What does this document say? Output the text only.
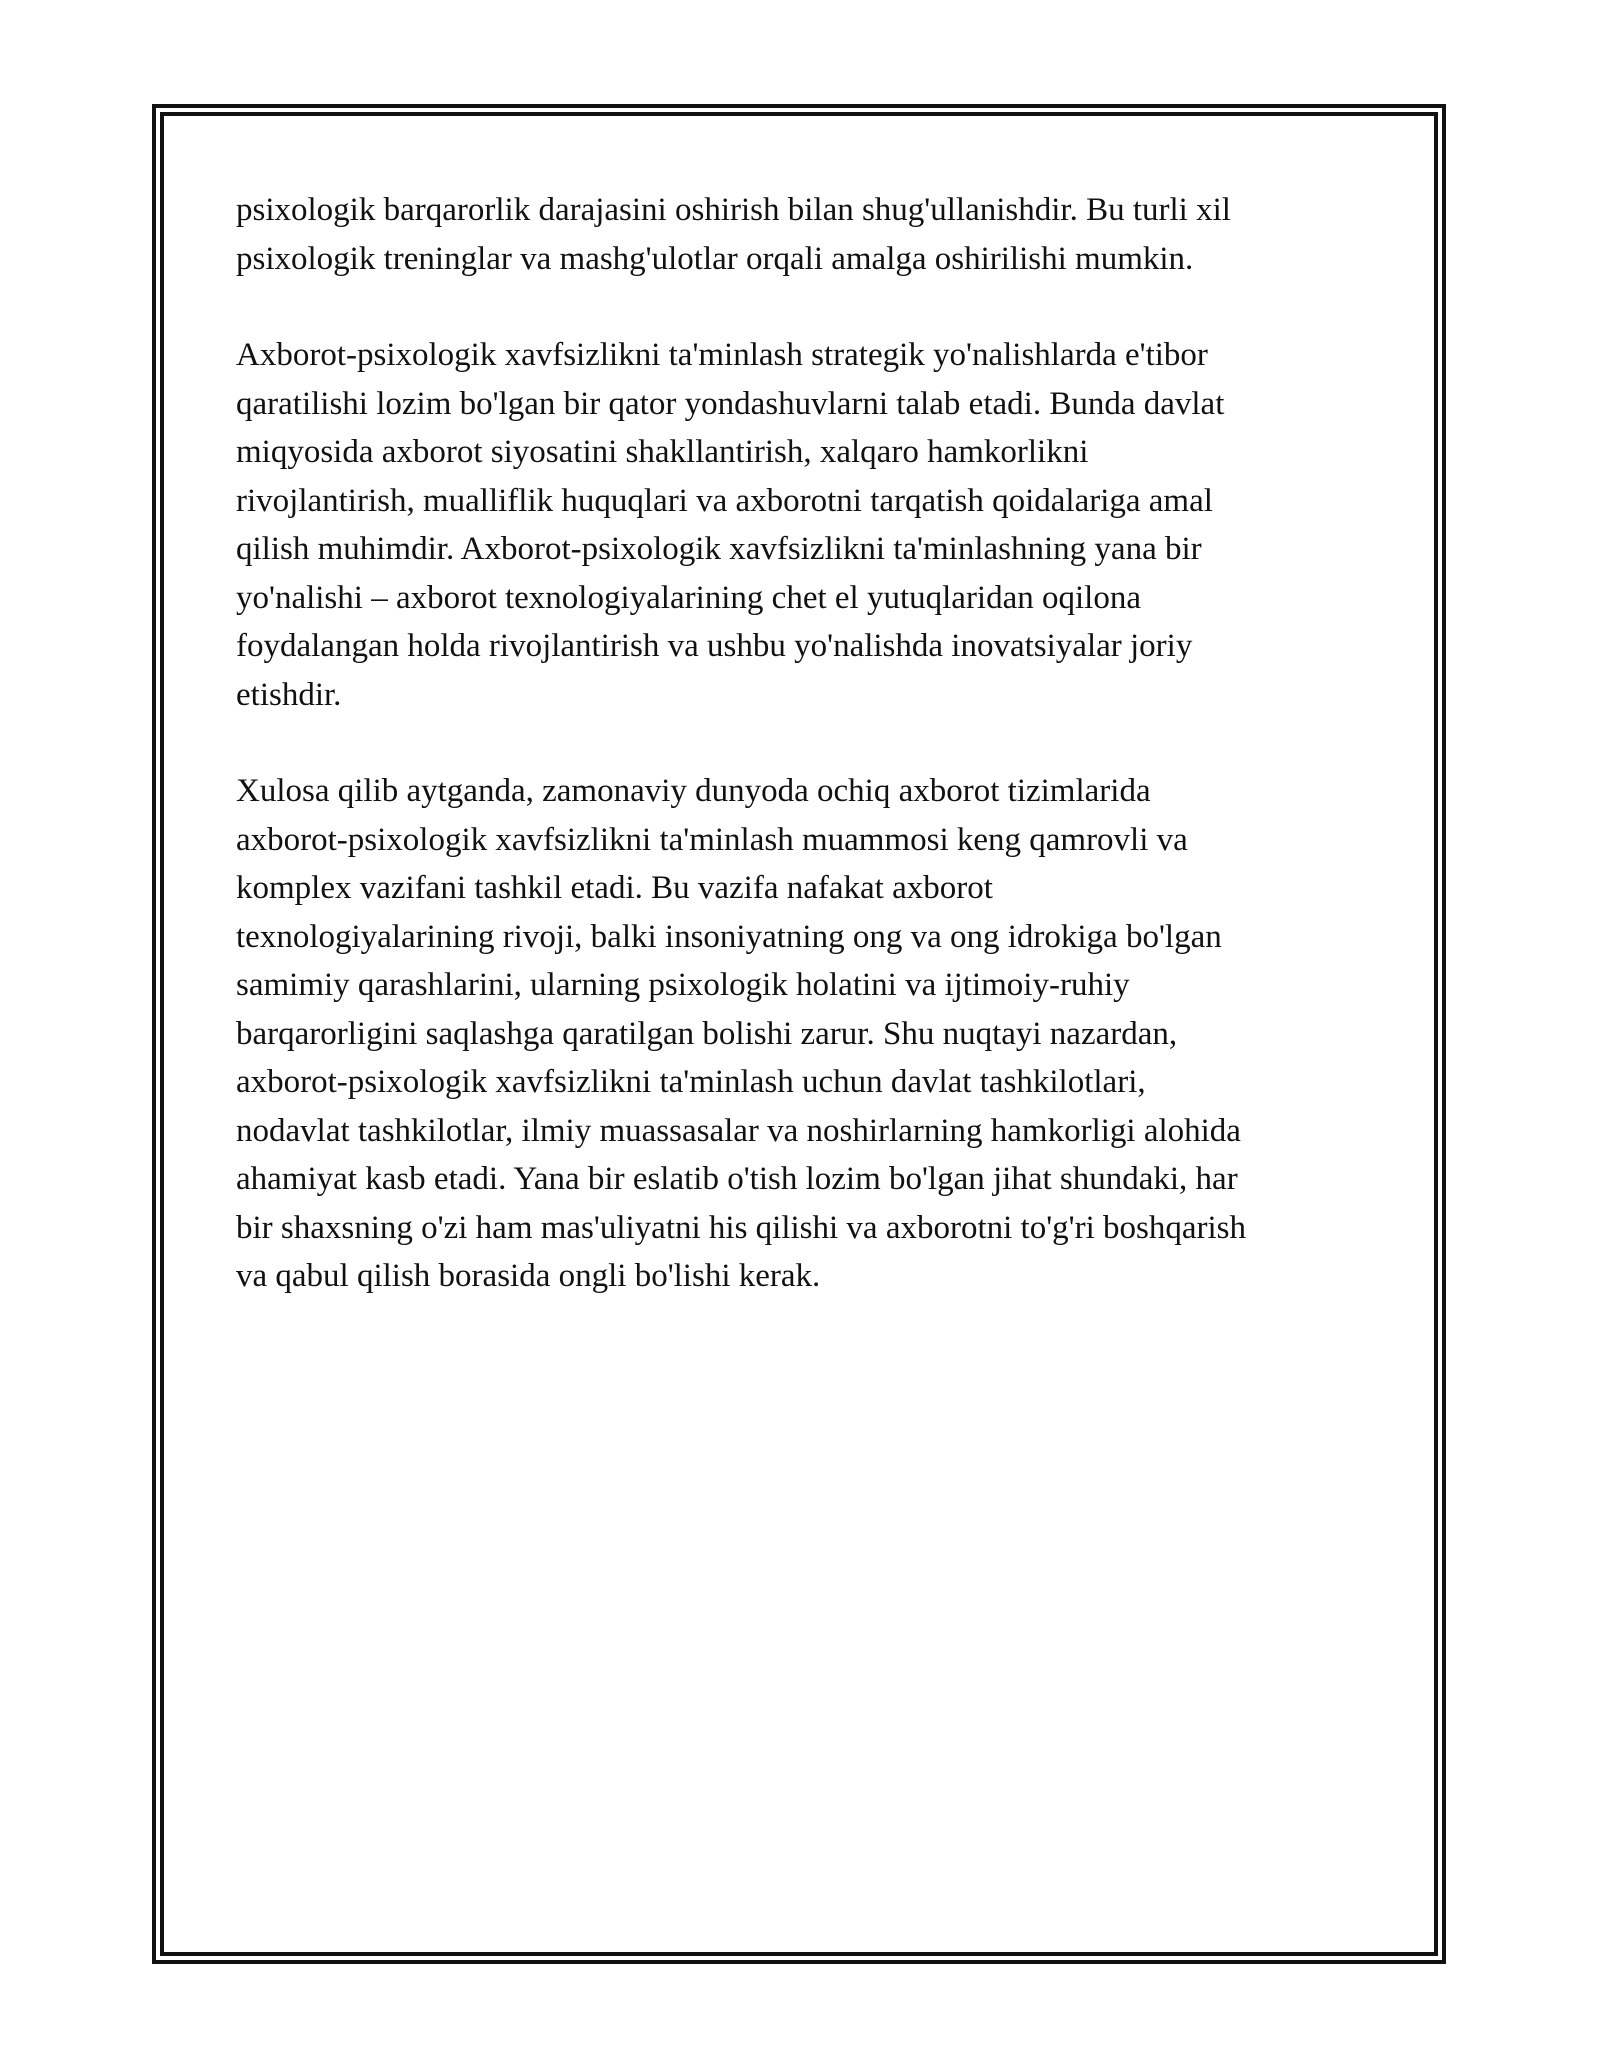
psixologik barqarorlik darajasini oshirish bilan shug'ullanishdir. Bu turli xil
psixologik treninglar va mashg'ulotlar orqali amalga oshirilishi mumkin.

Axborot-psixologik xavfsizlikni ta'minlash strategik yo'nalishlarda e'tibor
qaratilishi lozim bo'lgan bir qator yondashuvlarni talab etadi. Bunda davlat
miqyosida axborot siyosatini shakllantirish, xalqaro hamkorlikni
rivojlantirish, mualliflik huquqlari va axborotni tarqatish qoidalariga amal
qilish muhimdir. Axborot-psixologik xavfsizlikni ta'minlashning yana bir
yo'nalishi – axborot texnologiyalarining chet el yutuqlaridan oqilona
foydalangan holda rivojlantirish va ushbu yo'nalishda inovatsiyalar joriy
etishdir.

Xulosa qilib aytganda, zamonaviy dunyoda ochiq axborot tizimlarida
axborot-psixologik xavfsizlikni ta'minlash muammosi keng qamrovli va
komplex vazifani tashkil etadi. Bu vazifa nafakat axborot
texnologiyalarining rivoji, balki insoniyatning ong va ong idrokiga bo'lgan
samimiy qarashlarini, ularning psixologik holatini va ijtimoiy-ruhiy
barqarorligini saqlashga qaratilgan bolishi zarur. Shu nuqtayi nazardan,
axborot-psixologik xavfsizlikni ta'minlash uchun davlat tashkilotlari,
nodavlat tashkilotlar, ilmiy muassasalar va noshirlarning hamkorligi alohida
ahamiyat kasb etadi. Yana bir eslatib o'tish lozim bo'lgan jihat shundaki, har
bir shaxsning o'zi ham mas'uliyatni his qilishi va axborotni to'g'ri boshqarish
va qabul qilish borasida ongli bo'lishi kerak.
